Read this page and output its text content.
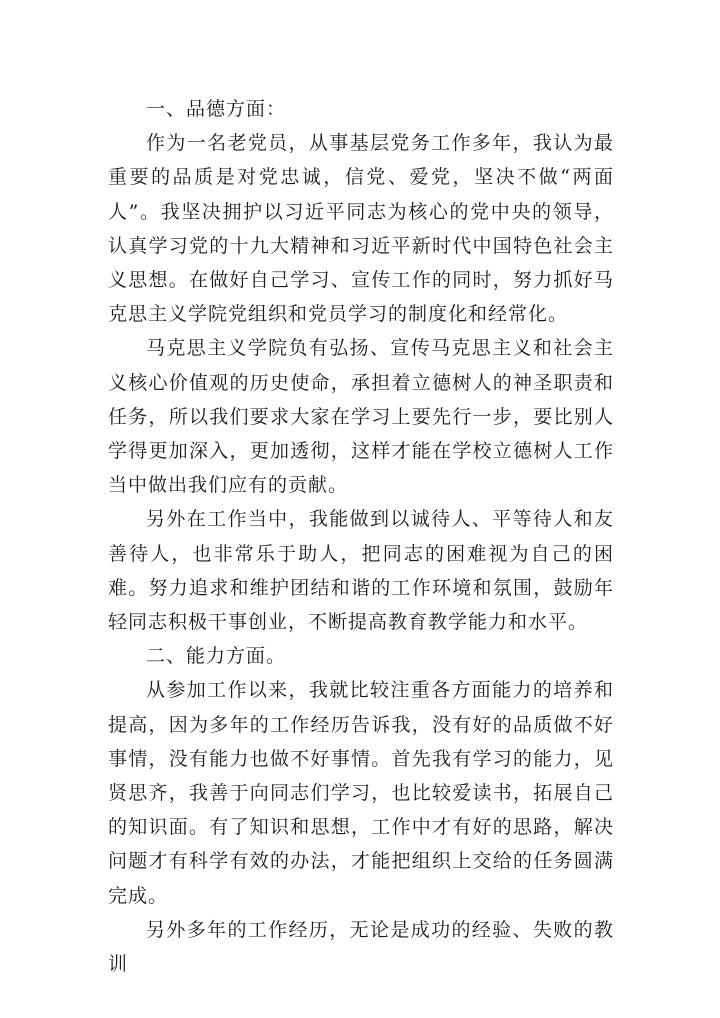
一、品德方面：

作为一名老党员，从事基层党务工作多年，我认为最重要的品质是对党忠诚，信党、爱党，坚决不做“两面人”。我坚决拥护以习近平同志为核心的党中央的领导，认真学习党的十九大精神和习近平新时代中国特色社会主义思想。在做好自己学习、宣传工作的同时，努力抓好马克思主义学院党组织和党员学习的制度化和经常化。

马克思主义学院负有弘扬、宣传马克思主义和社会主义核心价值观的历史使命，承担着立德树人的神圣职责和任务，所以我们要求大家在学习上要先行一步，要比别人学得更加深入，更加透彻，这样才能在学校立德树人工作当中做出我们应有的贡献。

另外在工作当中，我能做到以诚待人、平等待人和友善待人，也非常乐于助人，把同志的困难视为自己的困难。努力追求和维护团结和谐的工作环境和氛围，鼓励年轻同志积极干事创业，不断提高教育教学能力和水平。

二、能力方面。

从参加工作以来，我就比较注重各方面能力的培养和提高，因为多年的工作经历告诉我，没有好的品质做不好事情，没有能力也做不好事情。首先我有学习的能力，见贤思齐，我善于向同志们学习，也比较爱读书，拓展自己的知识面。有了知识和思想，工作中才有好的思路，解决问题才有科学有效的办法，才能把组织上交给的任务圆满完成。

另外多年的工作经历，无论是成功的经验、失败的教训
